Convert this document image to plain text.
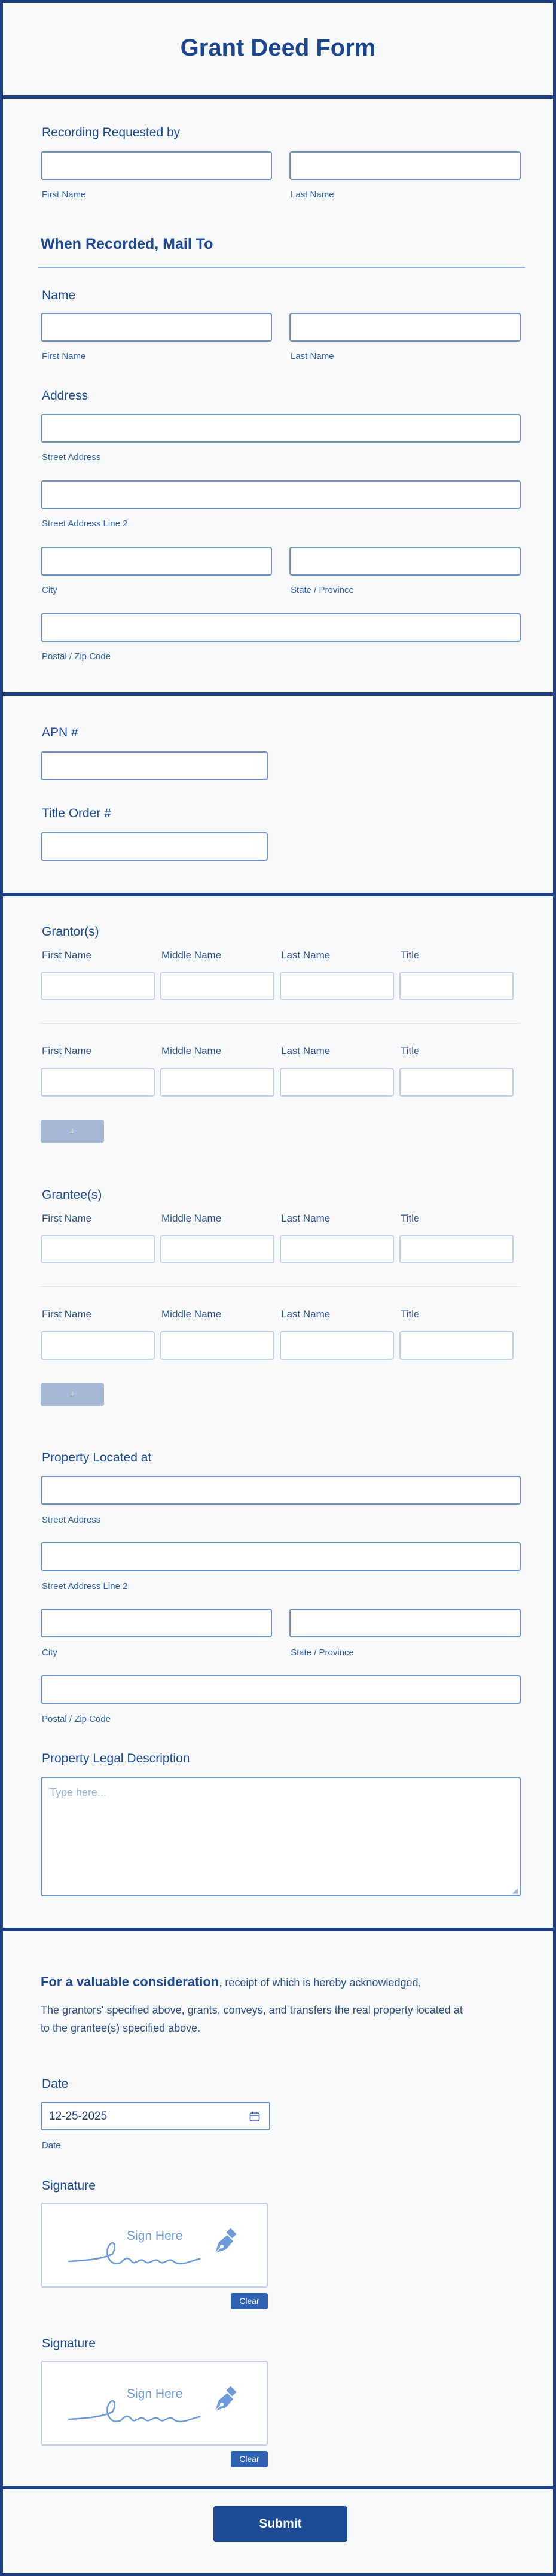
Grant Deed Form
Recording Requested by
First Name	Last Name
When Recorded, Mail To
Name
First Name	Last Name
Address
Street Address
Street Address Line 2
City	State / Province
Postal / Zip Code
APN #
Title Order #
Grantor(s)
First Name	Middle Name	Last Name	Title
First Name	Middle Name	Last Name	Title
+
Grantee(s)
First Name	Middle Name	Last Name	Title
First Name	Middle Name	Last Name	Title
+
Property Located at
Street Address
Street Address Line 2
City	State / Province
Postal / Zip Code
Property Legal Description
Type here...
◢
For a valuable consideration, receipt of which is hereby acknowledged,
The grantors' specified above, grants, conveys, and transfers the real property located at
to the grantee(s) specified above.
Date
12-25-2025
Date
Signature
Sign Here
Clear
Signature
Sign Here
Clear
Submit
